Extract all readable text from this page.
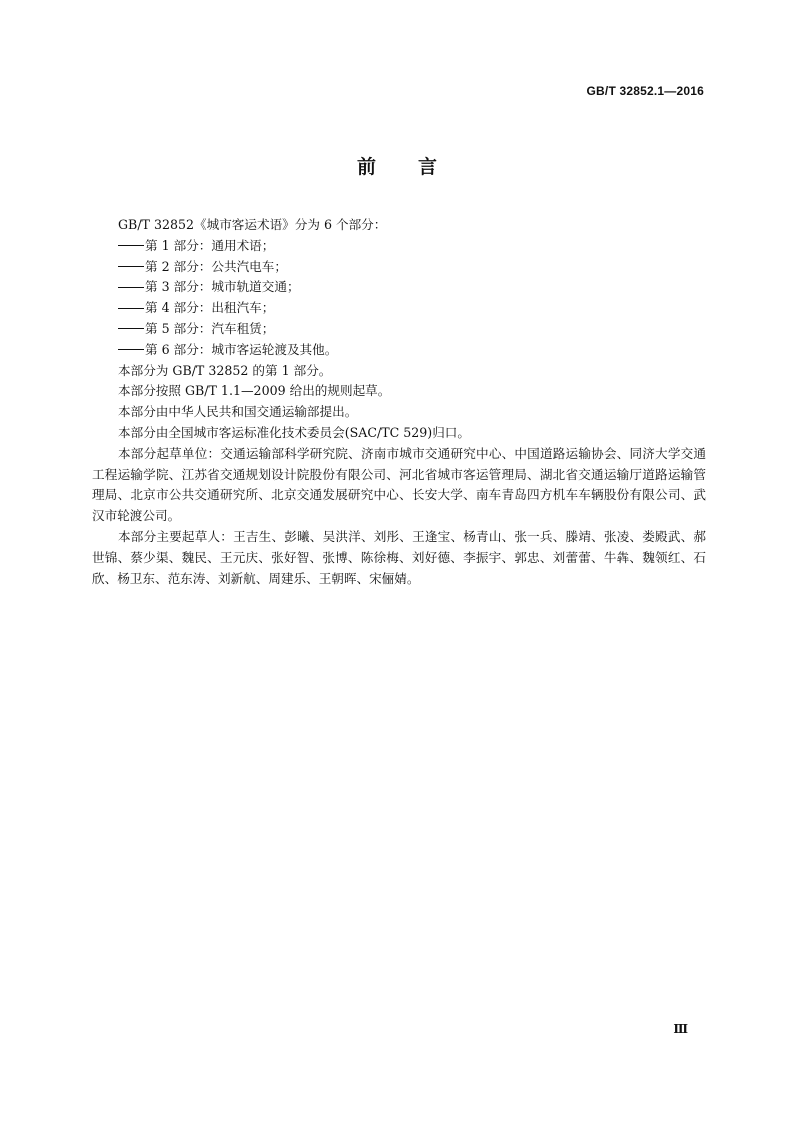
GB/T 32852.1—2016
前言

GB/T 32852《城市客运术语》分为 6 个部分：

第 1 部分：通用术语；

第 2 部分：公共汽电车；

第 3 部分：城市轨道交通；

第 4 部分：出租汽车；

第 5 部分：汽车租赁；

第 6 部分：城市客运轮渡及其他。

本部分为 GB/T 32852 的第 1 部分。

本部分按照 GB/T 1.1—2009 给出的规则起草。

本部分由中华人民共和国交通运输部提出。

本部分由全国城市客运标准化技术委员会(SAC/TC 529)归口。

本部分起草单位：交通运输部科学研究院、济南市城市交通研究中心、中国道路运输协会、同济大学交通工程运输学院、江苏省交通规划设计院股份有限公司、河北省城市客运管理局、湖北省交通运输厅道路运输管理局、北京市公共交通研究所、北京交通发展研究中心、长安大学、南车青岛四方机车车辆股份有限公司、武汉市轮渡公司。

本部分主要起草人：王吉生、彭曦、吴洪洋、刘彤、王逢宝、杨青山、张一兵、滕靖、张凌、娄殿武、郝世锦、蔡少渠、魏民、王元庆、张好智、张博、陈徐梅、刘好德、李振宇、郭忠、刘蕾蕾、牛犇、魏领红、石欣、杨卫东、范东涛、刘新航、周建乐、王朝晖、宋俪婧。

Ⅲ
